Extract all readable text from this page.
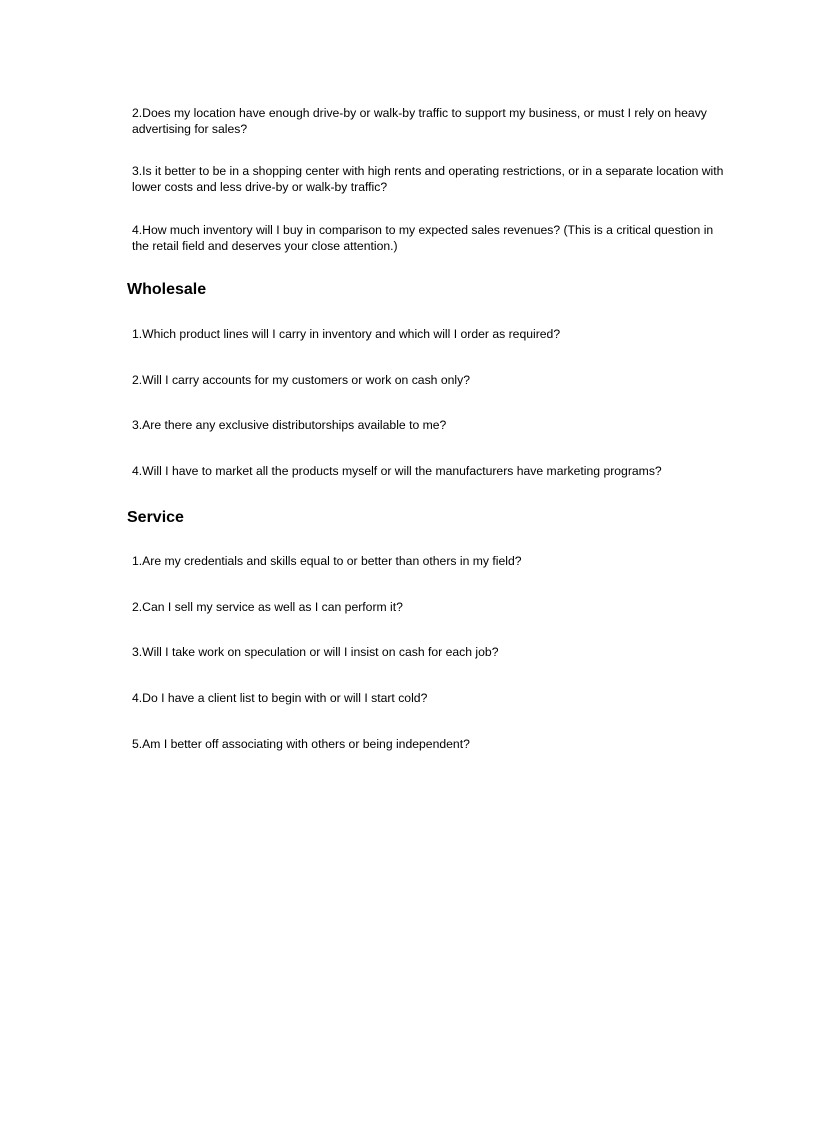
2.Does my location have enough drive-by or walk-by traffic to support my business, or must I rely on heavy advertising for sales?

3.Is it better to be in a shopping center with high rents and operating restrictions, or in a separate location with lower costs and less drive-by or walk-by traffic?

4.How much inventory will I buy in comparison to my expected sales revenues? (This is a critical question in the retail field and deserves your close attention.)

Wholesale

1.Which product lines will I carry in inventory and which will I order as required?

2.Will I carry accounts for my customers or work on cash only?

3.Are there any exclusive distributorships available to me?

4.Will I have to market all the products myself or will the manufacturers have marketing programs?

Service

1.Are my credentials and skills equal to or better than others in my field?

2.Can I sell my service as well as I can perform it?

3.Will I take work on speculation or will I insist on cash for each job?

4.Do I have a client list to begin with or will I start cold?

5.Am I better off associating with others or being independent?
